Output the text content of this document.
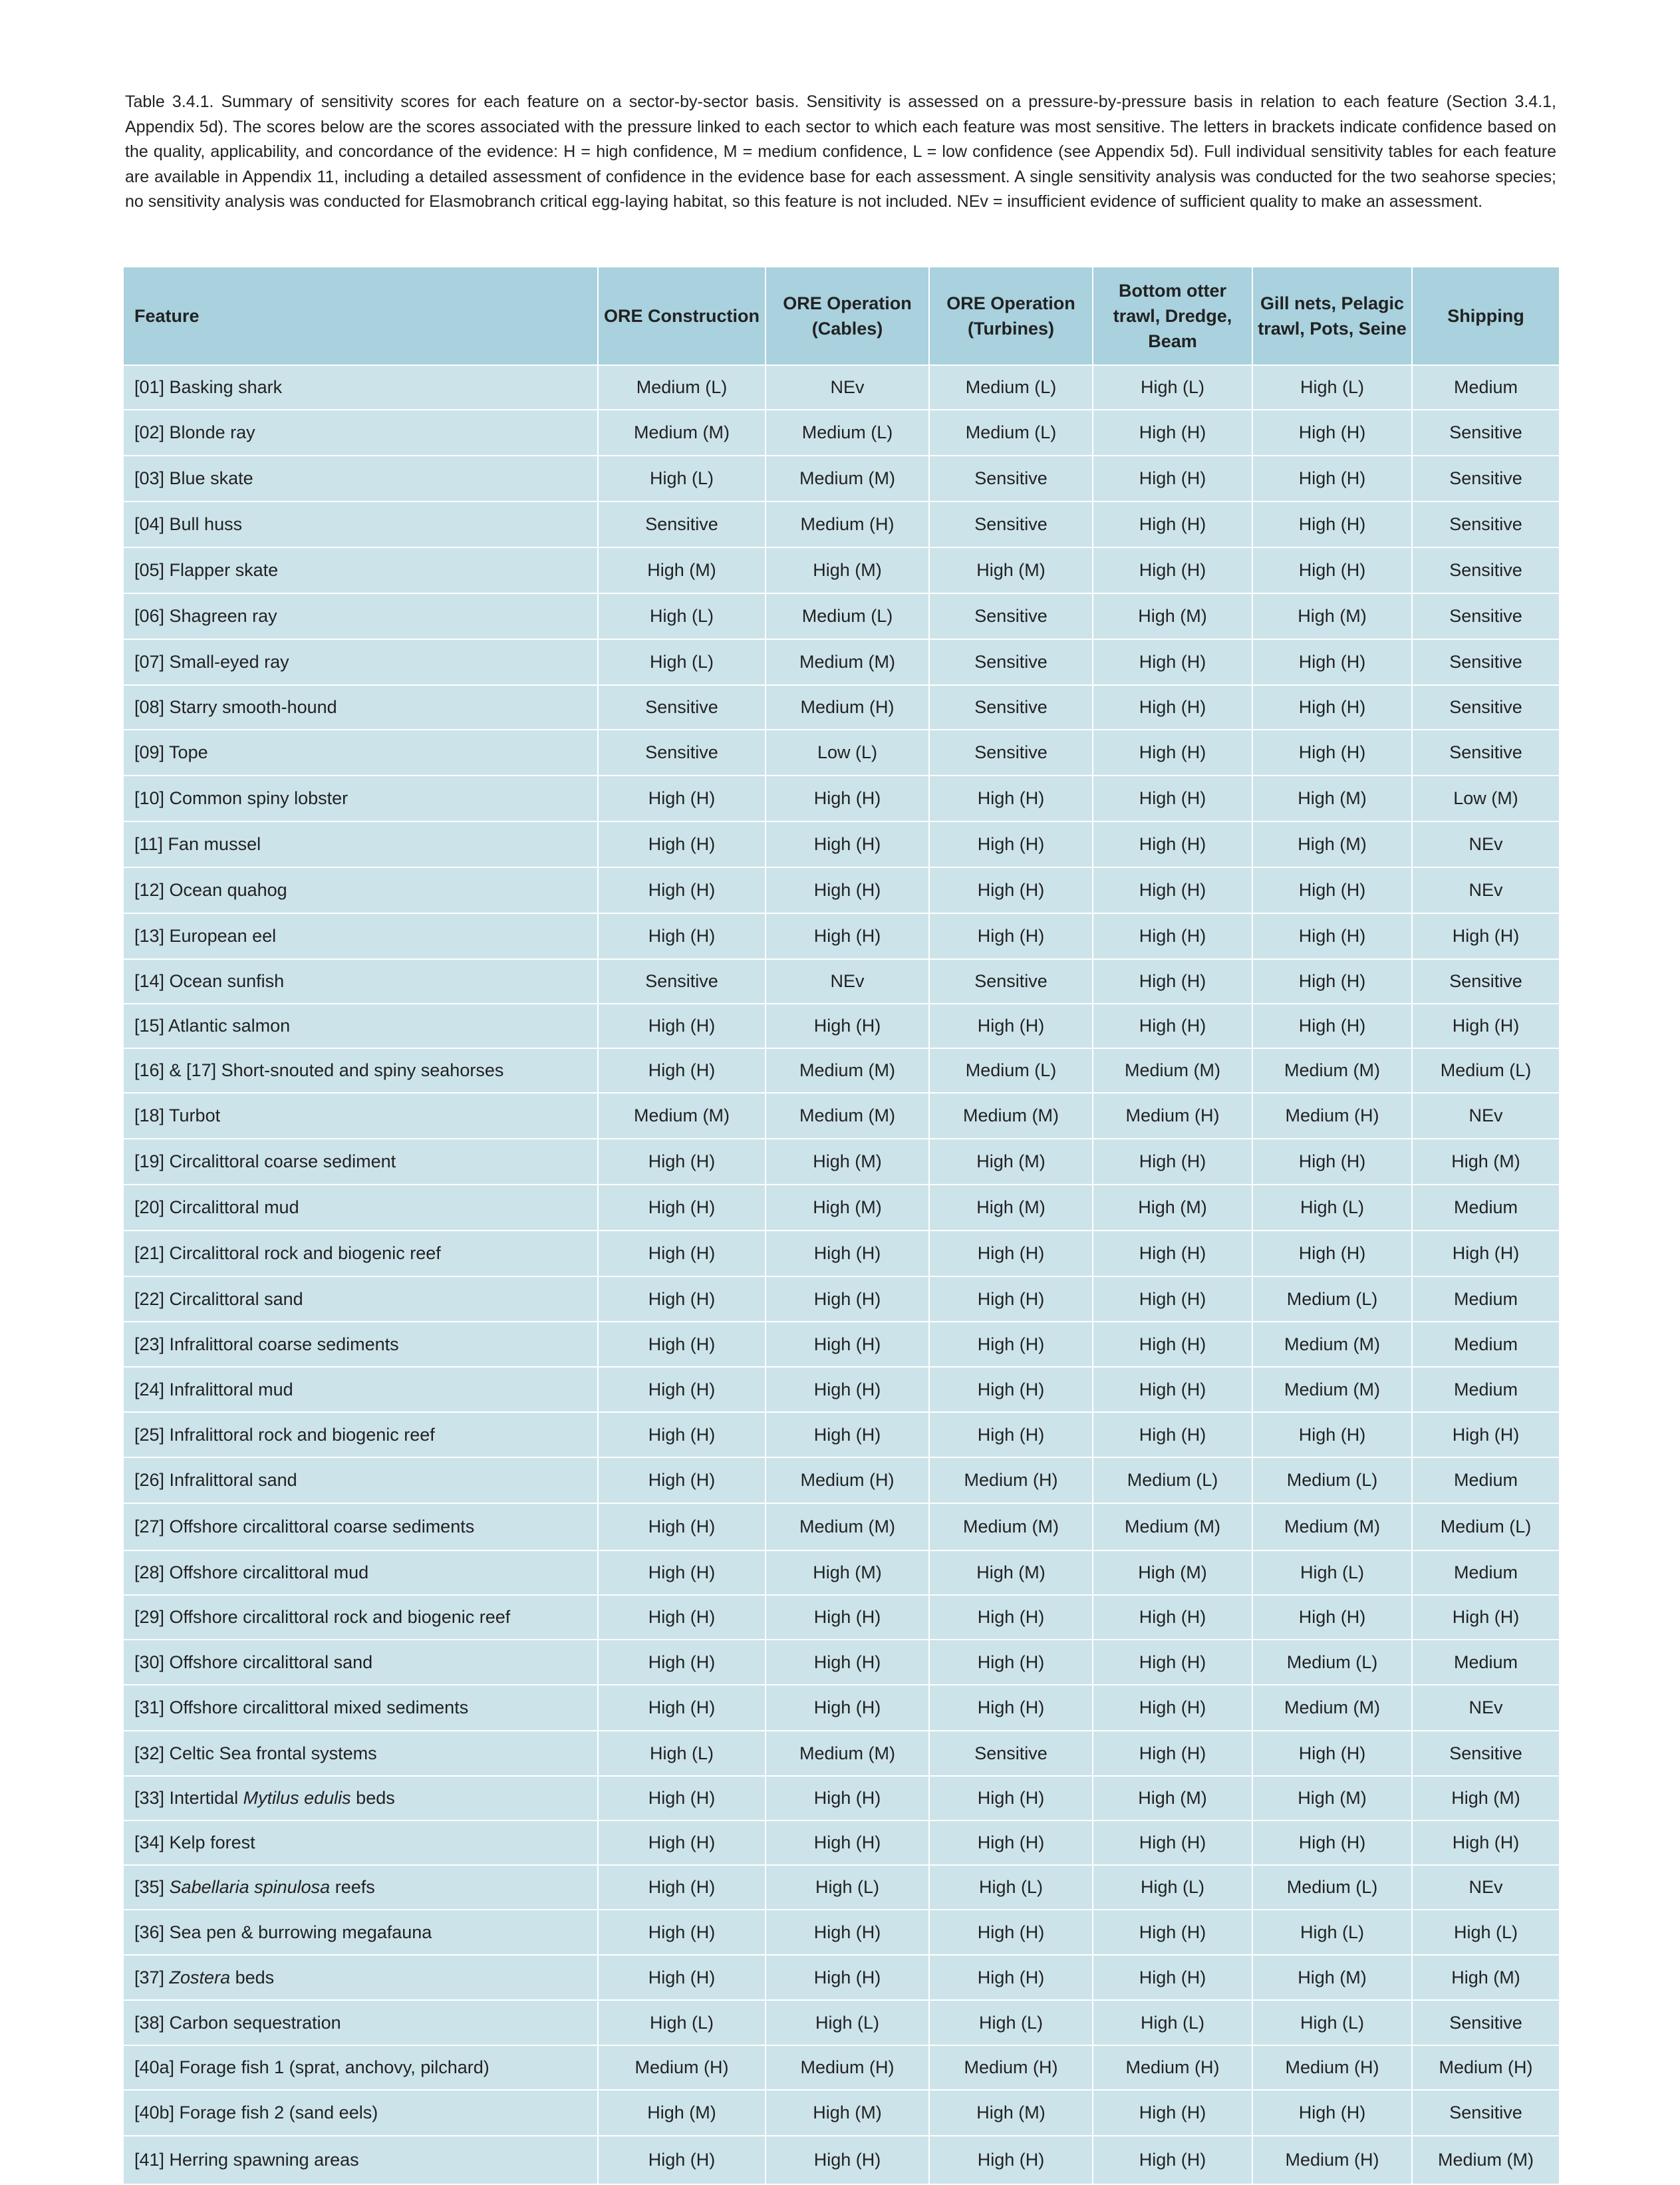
Table 3.4.1. Summary of sensitivity scores for each feature on a sector-by-sector basis. Sensitivity is assessed on a pressure-by-pressure basis in relation to each feature (Section 3.4.1, Appendix 5d). The scores below are the scores associated with the pressure linked to each sector to which each feature was most sensitive. The letters in brackets indicate confidence based on the quality, applicability, and concordance of the evidence: H = high confidence, M = medium confidence, L = low confidence (see Appendix 5d). Full individual sensitivity tables for each feature are available in Appendix 11, including a detailed assessment of confidence in the evidence base for each assessment. A single sensitivity analysis was conducted for the two seahorse species; no sensitivity analysis was conducted for Elasmobranch critical egg-laying habitat, so this feature is not included. NEv = insufficient evidence of sufficient quality to make an assessment.

Feature	ORE Construction	ORE Operation (Cables)	ORE Operation (Turbines)	Bottom otter trawl, Dredge, Beam	Gill nets, Pelagic trawl, Pots, Seine	Shipping
[01] Basking shark	Medium (L)	NEv	Medium (L)	High (L)	High (L)	Medium
[02] Blonde ray	Medium (M)	Medium (L)	Medium (L)	High (H)	High (H)	Sensitive
[03] Blue skate	High (L)	Medium (M)	Sensitive	High (H)	High (H)	Sensitive
[04] Bull huss	Sensitive	Medium (H)	Sensitive	High (H)	High (H)	Sensitive
[05] Flapper skate	High (M)	High (M)	High (M)	High (H)	High (H)	Sensitive
[06] Shagreen ray	High (L)	Medium (L)	Sensitive	High (M)	High (M)	Sensitive
[07] Small-eyed ray	High (L)	Medium (M)	Sensitive	High (H)	High (H)	Sensitive
[08] Starry smooth-hound	Sensitive	Medium (H)	Sensitive	High (H)	High (H)	Sensitive
[09] Tope	Sensitive	Low (L)	Sensitive	High (H)	High (H)	Sensitive
[10] Common spiny lobster	High (H)	High (H)	High (H)	High (H)	High (M)	Low (M)
[11] Fan mussel	High (H)	High (H)	High (H)	High (H)	High (M)	NEv
[12] Ocean quahog	High (H)	High (H)	High (H)	High (H)	High (H)	NEv
[13] European eel	High (H)	High (H)	High (H)	High (H)	High (H)	High (H)
[14] Ocean sunfish	Sensitive	NEv	Sensitive	High (H)	High (H)	Sensitive
[15] Atlantic salmon	High (H)	High (H)	High (H)	High (H)	High (H)	High (H)
[16] & [17] Short-snouted and spiny seahorses	High (H)	Medium (M)	Medium (L)	Medium (M)	Medium (M)	Medium (L)
[18] Turbot	Medium (M)	Medium (M)	Medium (M)	Medium (H)	Medium (H)	NEv
[19] Circalittoral coarse sediment	High (H)	High (M)	High (M)	High (H)	High (H)	High (M)
[20] Circalittoral mud	High (H)	High (M)	High (M)	High (M)	High (L)	Medium
[21] Circalittoral rock and biogenic reef	High (H)	High (H)	High (H)	High (H)	High (H)	High (H)
[22] Circalittoral sand	High (H)	High (H)	High (H)	High (H)	Medium (L)	Medium
[23] Infralittoral coarse sediments	High (H)	High (H)	High (H)	High (H)	Medium (M)	Medium
[24] Infralittoral mud	High (H)	High (H)	High (H)	High (H)	Medium (M)	Medium
[25] Infralittoral rock and biogenic reef	High (H)	High (H)	High (H)	High (H)	High (H)	High (H)
[26] Infralittoral sand	High (H)	Medium (H)	Medium (H)	Medium (L)	Medium (L)	Medium
[27] Offshore circalittoral coarse sediments	High (H)	Medium (M)	Medium (M)	Medium (M)	Medium (M)	Medium (L)
[28] Offshore circalittoral mud	High (H)	High (M)	High (M)	High (M)	High (L)	Medium
[29] Offshore circalittoral rock and biogenic reef	High (H)	High (H)	High (H)	High (H)	High (H)	High (H)
[30] Offshore circalittoral sand	High (H)	High (H)	High (H)	High (H)	Medium (L)	Medium
[31] Offshore circalittoral mixed sediments	High (H)	High (H)	High (H)	High (H)	Medium (M)	NEv
[32] Celtic Sea frontal systems	High (L)	Medium (M)	Sensitive	High (H)	High (H)	Sensitive
[33] Intertidal Mytilus edulis beds	High (H)	High (H)	High (H)	High (M)	High (M)	High (M)
[34] Kelp forest	High (H)	High (H)	High (H)	High (H)	High (H)	High (H)
[35] Sabellaria spinulosa reefs	High (H)	High (L)	High (L)	High (L)	Medium (L)	NEv
[36] Sea pen & burrowing megafauna	High (H)	High (H)	High (H)	High (H)	High (L)	High (L)
[37] Zostera beds	High (H)	High (H)	High (H)	High (H)	High (M)	High (M)
[38] Carbon sequestration	High (L)	High (L)	High (L)	High (L)	High (L)	Sensitive
[40a] Forage fish 1 (sprat, anchovy, pilchard)	Medium (H)	Medium (H)	Medium (H)	Medium (H)	Medium (H)	Medium (H)
[40b] Forage fish 2 (sand eels)	High (M)	High (M)	High (M)	High (H)	High (H)	Sensitive
[41] Herring spawning areas	High (H)	High (H)	High (H)	High (H)	Medium (H)	Medium (M)
